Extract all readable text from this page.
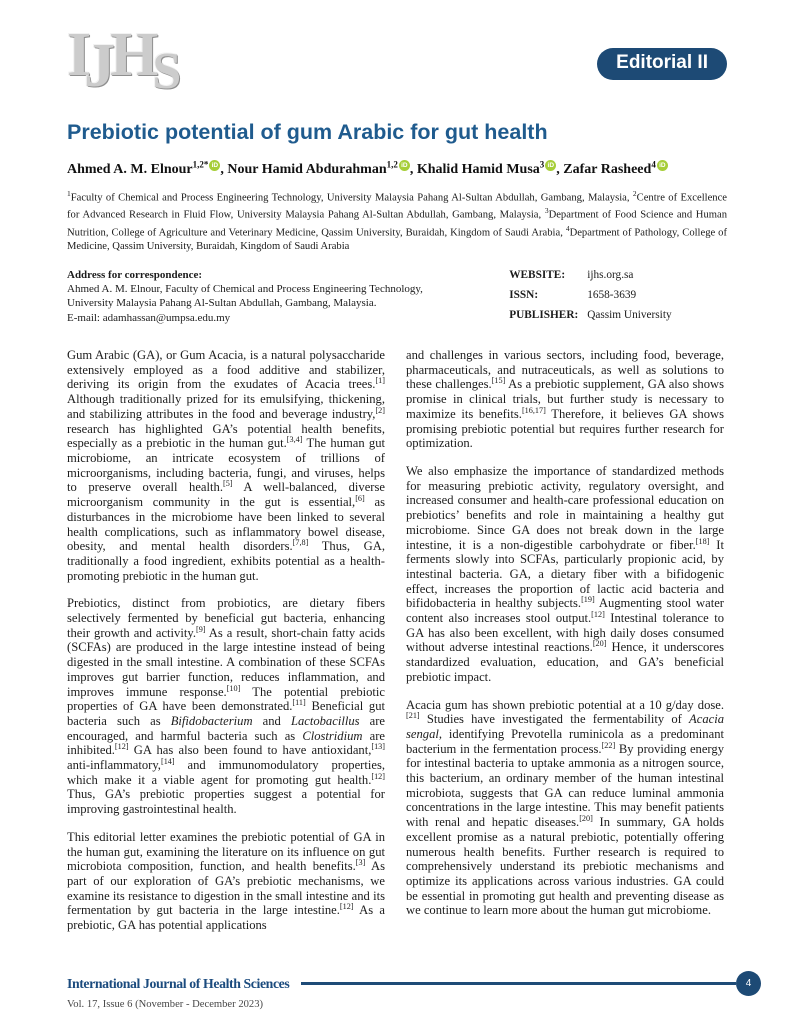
IJHS	Editorial II
Prebiotic potential of gum Arabic for gut health
Ahmed A. M. Elnour$^{1,2*}$ iD , Nour Hamid Abdurahman$^{1,2}$ iD , Khalid Hamid Musa$^3$ iD , Zafar Rasheed$^4$ iD
$^1$Faculty of Chemical and Process Engineering Technology, University Malaysia Pahang Al-Sultan Abdullah, Gambang, Malaysia, $^2$Centre of Excellence for Advanced Research in Fluid Flow, University Malaysia Pahang Al-Sultan Abdullah, Gambang, Malaysia, $^3$Department of Food Science and Human Nutrition, College of Agriculture and Veterinary Medicine, Qassim University, Buraidah, Kingdom of Saudi Arabia, $^4$Department of Pathology, College of Medicine, Qassim University, Buraidah, Kingdom of Saudi Arabia
Address for correspondence:
Ahmed A. M. Elnour, Faculty of Chemical and Process Engineering Technology, University Malaysia Pahang Al-Sultan Abdullah, Gambang, Malaysia.
E-mail: adamhassan@umpsa.edu.my
WEBSITE:	ijhs.org.sa
ISSN:	1658-3639
PUBLISHER: Qassim University

Gum Arabic (GA), or Gum Acacia, is a natural polysaccharide extensively employed as a food additive and stabilizer, deriving its origin from the exudates of Acacia trees.[1] Although traditionally prized for its emulsifying, thickening, and stabilizing attributes in the food and beverage industry,[2] research has highlighted GA’s potential health benefits, especially as a prebiotic in the human gut.[3,4] The human gut microbiome, an intricate ecosystem of trillions of microorganisms, including bacteria, fungi, and viruses, helps to preserve overall health.[5] A well-balanced, diverse microorganism community in the gut is essential,[6] as disturbances in the microbiome have been linked to several health complications, such as inflammatory bowel disease, obesity, and mental health disorders.[7,8] Thus, GA, traditionally a food ingredient, exhibits potential as a health-promoting prebiotic in the human gut.

Prebiotics, distinct from probiotics, are dietary fibers selectively fermented by beneficial gut bacteria, enhancing their growth and activity.[9] As a result, short-chain fatty acids (SCFAs) are produced in the large intestine instead of being digested in the small intestine. A combination of these SCFAs improves gut barrier function, reduces inflammation, and improves immune response.[10] The potential prebiotic properties of GA have been demonstrated.[11] Beneficial gut bacteria such as Bifidobacterium and Lactobacillus are encouraged, and harmful bacteria such as Clostridium are inhibited.[12] GA has also been found to have antioxidant,[13] anti-inflammatory,[14] and immunomodulatory properties, which make it a viable agent for promoting gut health.[12] Thus, GA’s prebiotic properties suggest a potential for improving gastrointestinal health.

This editorial letter examines the prebiotic potential of GA in the human gut, examining the literature on its influence on gut microbiota composition, function, and health benefits.[3] As part of our exploration of GA’s prebiotic mechanisms, we examine its resistance to digestion in the small intestine and its fermentation by gut bacteria in the large intestine.[12] As a prebiotic, GA has potential applications

and challenges in various sectors, including food, beverage, pharmaceuticals, and nutraceuticals, as well as solutions to these challenges.[15] As a prebiotic supplement, GA also shows promise in clinical trials, but further study is necessary to maximize its benefits.[16,17] Therefore, it believes GA shows promising prebiotic potential but requires further research for optimization.

We also emphasize the importance of standardized methods for measuring prebiotic activity, regulatory oversight, and increased consumer and health-care professional education on prebiotics’ benefits and role in maintaining a healthy gut microbiome. Since GA does not break down in the large intestine, it is a non-digestible carbohydrate or fiber.[18] It ferments slowly into SCFAs, particularly propionic acid, by intestinal bacteria. GA, a dietary fiber with a bifidogenic effect, increases the proportion of lactic acid bacteria and bifidobacteria in healthy subjects.[19] Augmenting stool water content also increases stool output.[12] Intestinal tolerance to GA has also been excellent, with high daily doses consumed without adverse intestinal reactions.[20] Hence, it underscores standardized evaluation, education, and GA’s beneficial prebiotic impact.

Acacia gum has shown prebiotic potential at a 10 g/day dose.[21] Studies have investigated the fermentability of Acacia sengal, identifying Prevotella ruminicola as a predominant bacterium in the fermentation process.[22] By providing energy for intestinal bacteria to uptake ammonia as a nitrogen source, this bacterium, an ordinary member of the human intestinal microbiota, suggests that GA can reduce luminal ammonia concentrations in the large intestine. This may benefit patients with renal and hepatic diseases.[20] In summary, GA holds excellent promise as a natural prebiotic, potentially offering numerous health benefits. Further research is required to comprehensively understand its prebiotic mechanisms and optimize its applications across various industries. GA could be essential in promoting gut health and preventing disease as we continue to learn more about the human gut microbiome.

International Journal of Health Sciences	4
Vol. 17, Issue 6 (November - December 2023)
